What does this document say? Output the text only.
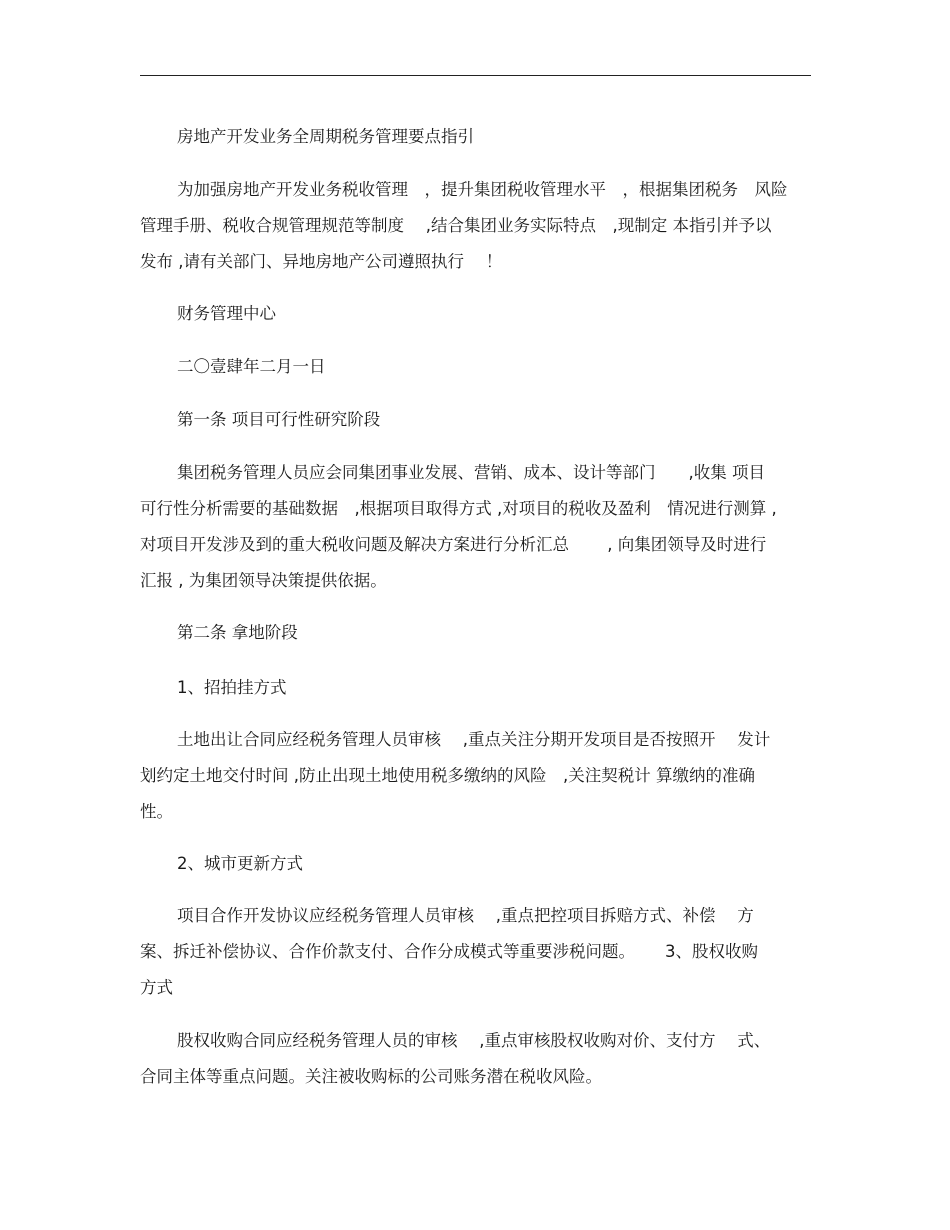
房地产开发业务全周期税务管理要点指引

为加强房地产开发业务税收管理　，提升集团税收管理水平　，根据集团税务　风险
管理手册、税收合规管理规范等制度　 ,结合集团业务实际特点　,现制定 本指引并予以
发布 ,请有关部门、异地房地产公司遵照执行　 ！

财务管理中心

二〇壹肆年二月一日

第一条 项目可行性研究阶段

集团税务管理人员应会同集团事业发展、营销、成本、设计等部门　　,收集 项目
可行性分析需要的基础数据　,根据项目取得方式 ,对项目的税收及盈利　情况进行测算 ,
对项目开发涉及到的重大税收问题及解决方案进行分析汇总　　 , 向集团领导及时进行
汇报 , 为集团领导决策提供依据。

第二条 拿地阶段

1、招拍挂方式

土地出让合同应经税务管理人员审核　 ,重点关注分期开发项目是否按照开　 发计
划约定土地交付时间 ,防止出现土地使用税多缴纳的风险　,关注契税计 算缴纳的准确
性。

2、城市更新方式

项目合作开发协议应经税务管理人员审核　 ,重点把控项目拆赔方式、补偿　 方
案、拆迁补偿协议、合作价款支付、合作分成模式等重要涉税问题。　　 3、股权收购
方式
股权收购合同应经税务管理人员的审核　 ,重点审核股权收购对价、支付方　 式、
合同主体等重点问题。关注被收购标的公司账务潜在税收风险。
